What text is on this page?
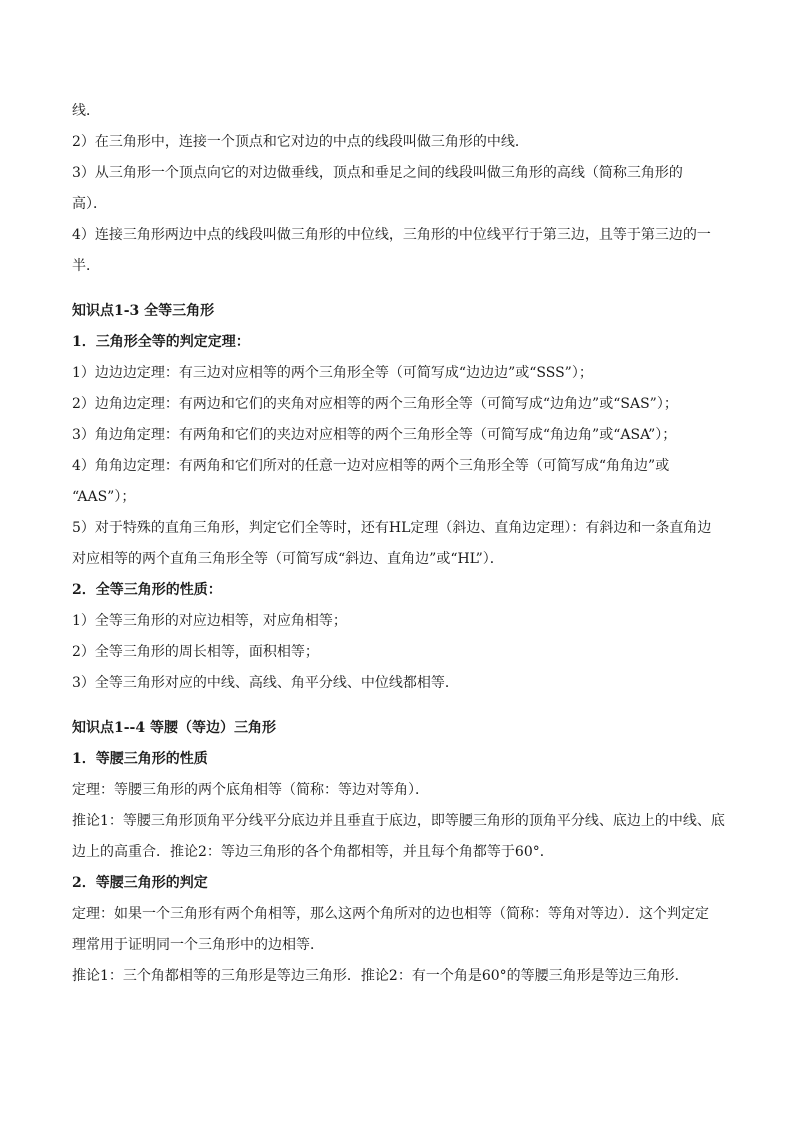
线．

2）在三角形中，连接一个顶点和它对边的中点的线段叫做三角形的中线．

3）从三角形一个顶点向它的对边做垂线，顶点和垂足之间的线段叫做三角形的高线（简称三角形的

高）．

4）连接三角形两边中点的线段叫做三角形的中位线，三角形的中位线平行于第三边，且等于第三边的一

半．

知识点1-3 全等三角形

1．三角形全等的判定定理：

1）边边边定理：有三边对应相等的两个三角形全等（可简写成“边边边”或“SSS”）；

2）边角边定理：有两边和它们的夹角对应相等的两个三角形全等（可简写成“边角边”或“SAS”）；

3）角边角定理：有两角和它们的夹边对应相等的两个三角形全等（可简写成“角边角”或“ASA”）；

4）角角边定理：有两角和它们所对的任意一边对应相等的两个三角形全等（可简写成“角角边”或

“AAS”）；

5）对于特殊的直角三角形，判定它们全等时，还有HL定理（斜边、直角边定理）：有斜边和一条直角边

对应相等的两个直角三角形全等（可简写成“斜边、直角边”或“HL”）．

2．全等三角形的性质：

1）全等三角形的对应边相等，对应角相等；

2）全等三角形的周长相等，面积相等；

3）全等三角形对应的中线、高线、角平分线、中位线都相等．

知识点1--4 等腰（等边）三角形

1．等腰三角形的性质

定理：等腰三角形的两个底角相等（简称：等边对等角）．

推论1：等腰三角形顶角平分线平分底边并且垂直于底边，即等腰三角形的顶角平分线、底边上的中线、底

边上的高重合．推论2：等边三角形的各个角都相等，并且每个角都等于60°．

2．等腰三角形的判定

定理：如果一个三角形有两个角相等，那么这两个角所对的边也相等（简称：等角对等边）．这个判定定

理常用于证明同一个三角形中的边相等．

推论1：三个角都相等的三角形是等边三角形．推论2：有一个角是60°的等腰三角形是等边三角形．
